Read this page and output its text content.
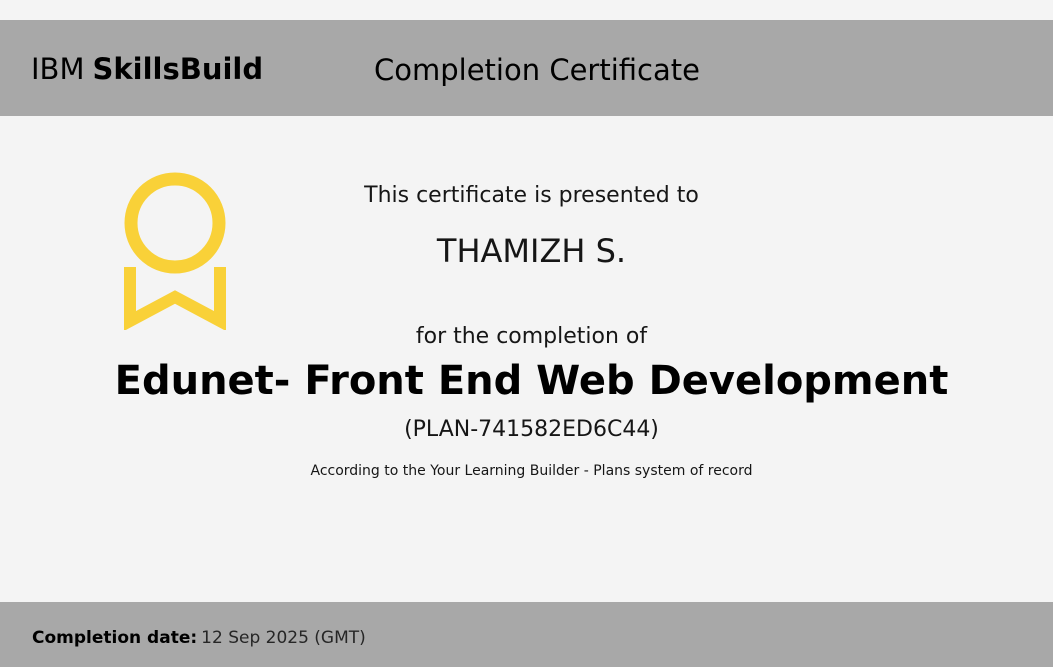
IBM SkillsBuild	Completion Certificate
This certificate is presented to
THAMIZH S.
for the completion of
Edunet- Front End Web Development
(PLAN-741582ED6C44)
According to the Your Learning Builder - Plans system of record
Completion date: 12 Sep 2025 (GMT)
